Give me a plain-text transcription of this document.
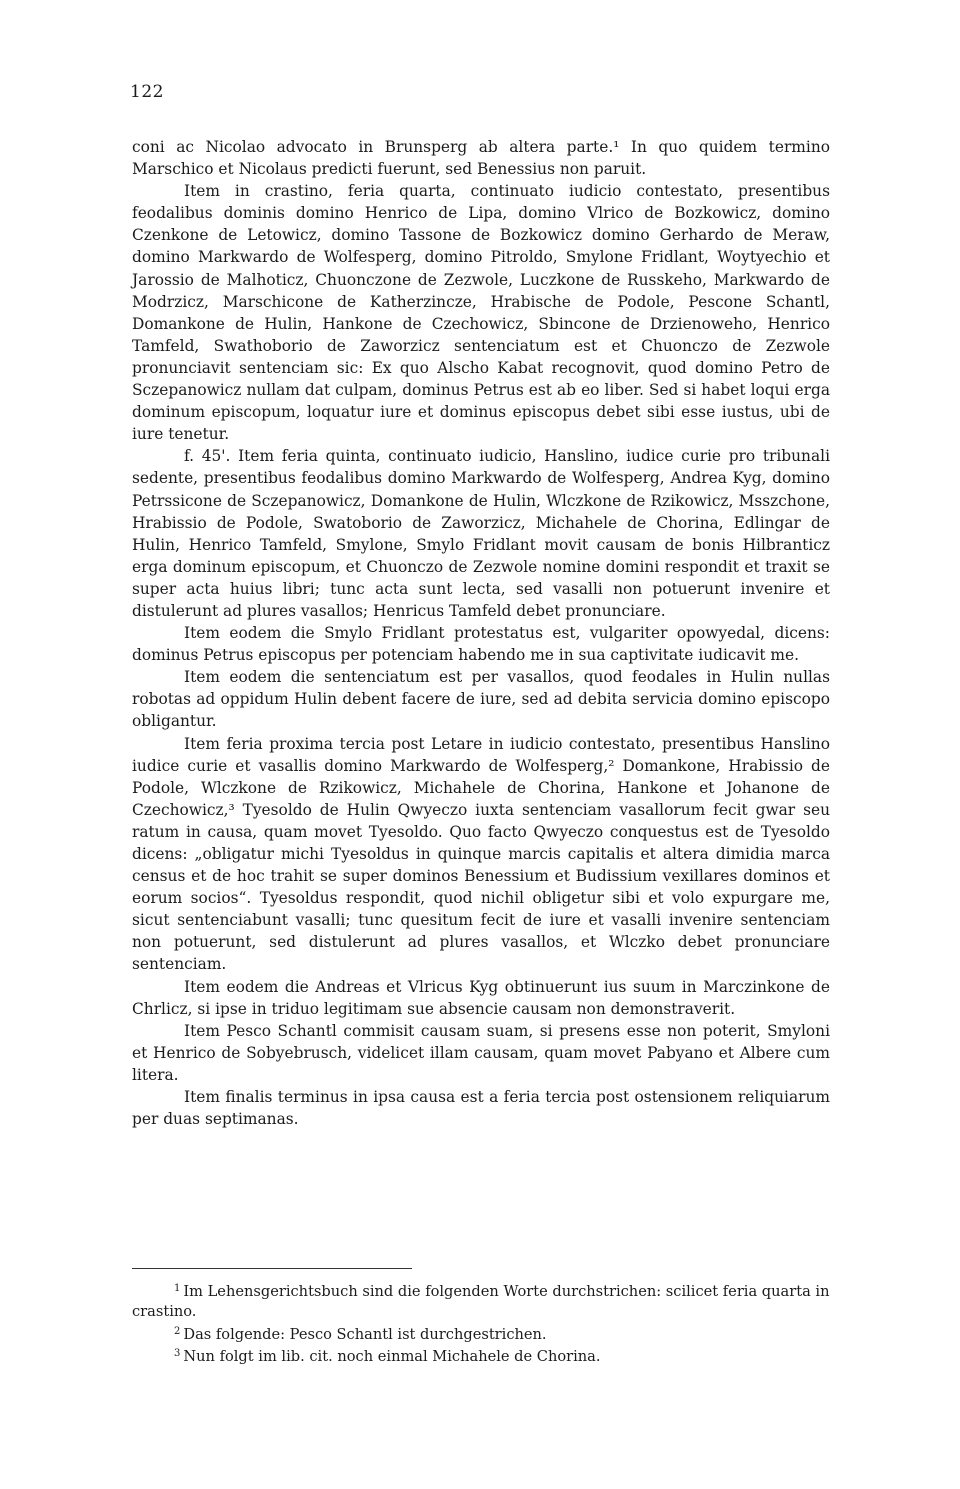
122

coni ac Nicolao advocato in Brunsperg ab altera parte.¹ In quo quidem termino Marschico et Nicolaus predicti fuerunt, sed Benessius non paruit.

Item in crastino, feria quarta, continuato iudicio contestato, presentibus feodalibus dominis domino Henrico de Lipa, domino Vlrico de Bozkowicz, domino Czenkone de Letowicz, domino Tassone de Bozkowicz domino Gerhardo de Meraw, domino Markwardo de Wolfesperg, domino Pitroldo, Smylone Fridlant, Woytyechio et Jarossio de Malhoticz, Chuonczone de Zezwole, Luczkone de Russkeho, Markwardo de Modrzicz, Marschicone de Katherzincze, Hrabische de Podole, Pescone Schantl, Domankone de Hulin, Hankone de Czechowicz, Sbincone de Drzienoweho, Henrico Tamfeld, Swathoborio de Zaworzicz sentenciatum est et Chuonczo de Zezwole pronunciavit sentenciam sic: Ex quo Alscho Kabat recognovit, quod domino Petro de Sczepanowicz nullam dat culpam, dominus Petrus est ab eo liber. Sed si habet loqui erga dominum episcopum, loquatur iure et dominus episcopus debet sibi esse iustus, ubi de iure tenetur.

f. 45'. Item feria quinta, continuato iudicio, Hanslino, iudice curie pro tribunali sedente, presentibus feodalibus domino Markwardo de Wolfesperg, Andrea Kyg, domino Petrssicone de Sczepanowicz, Domankone de Hulin, Wlczkone de Rzikowicz, Msszchone, Hrabissio de Podole, Swatoborio de Zaworzicz, Michahele de Chorina, Edlingar de Hulin, Henrico Tamfeld, Smylone, Smylo Fridlant movit causam de bonis Hilbranticz erga dominum episcopum, et Chuonczo de Zezwole nomine domini respondit et traxit se super acta huius libri; tunc acta sunt lecta, sed vasalli non potuerunt invenire et distulerunt ad plures vasallos; Henricus Tamfeld debet pronunciare.

Item eodem die Smylo Fridlant protestatus est, vulgariter opowyedal, dicens: dominus Petrus episcopus per potenciam habendo me in sua captivitate iudicavit me.

Item eodem die sentenciatum est per vasallos, quod feodales in Hulin nullas robotas ad oppidum Hulin debent facere de iure, sed ad debita servicia domino episcopo obligantur.

Item feria proxima tercia post Letare in iudicio contestato, presentibus Hanslino iudice curie et vasallis domino Markwardo de Wolfesperg,² Domankone, Hrabissio de Podole, Wlczkone de Rzikowicz, Michahele de Chorina, Hankone et Johanone de Czechowicz,³ Tyesoldo de Hulin Qwyeczo iuxta sentenciam vasallorum fecit gwar seu ratum in causa, quam movet Tyesoldo. Quo facto Qwyeczo conquestus est de Tyesoldo dicens: „obligatur michi Tyesoldus in quinque marcis capitalis et altera dimidia marca census et de hoc trahit se super dominos Benessium et Budissium vexillares dominos et eorum socios“. Tyesoldus respondit, quod nichil obligetur sibi et volo expurgare me, sicut sentenciabunt vasalli; tunc quesitum fecit de iure et vasalli invenire sentenciam non potuerunt, sed distulerunt ad plures vasallos, et Wlczko debet pronunciare sentenciam.

Item eodem die Andreas et Vlricus Kyg obtinuerunt ius suum in Marczinkone de Chrlicz, si ipse in triduo legitimam sue absencie causam non demonstraverit.

Item Pesco Schantl commisit causam suam, si presens esse non poterit, Smyloni et Henrico de Sobyebrusch, videlicet illam causam, quam movet Pabyano et Albere cum litera.

Item finalis terminus in ipsa causa est a feria tercia post ostensionem reliquiarum per duas septimanas.

$^1$ Im Lehensgerichtsbuch sind die folgenden Worte durchstrichen: scilicet feria quarta in crastino.

$^2$ Das folgende: Pesco Schantl ist durchgestrichen.

$^3$ Nun folgt im lib. cit. noch einmal Michahele de Chorina.
